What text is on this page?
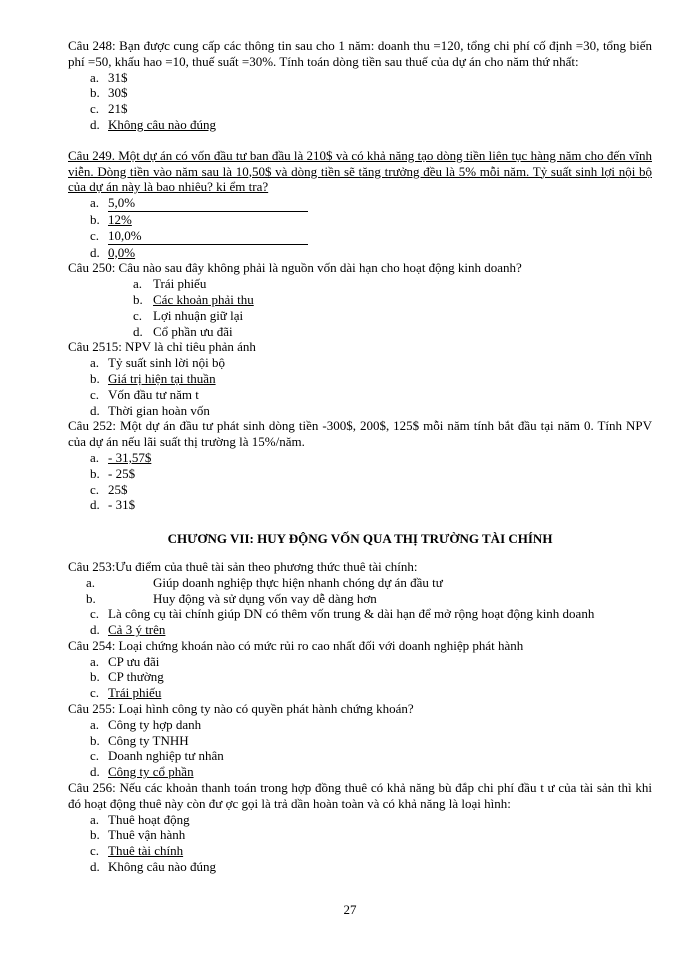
Câu 248: Bạn được cung cấp các thông tin sau cho 1 năm: doanh thu =120, tổng chi phí cố định =30, tổng biến phí =50, khấu hao =10, thuế suất =30%. Tính toán dòng tiền sau thuế của dự án cho năm thứ nhất:

a. 31$
b. 30$
c. 21$
d. Không câu nào đúng

Câu 249. Một dự án có vốn đầu tư ban đầu là 210$ và có khả năng tạo dòng tiền liên tục hàng năm cho đến vĩnh viễn. Dòng tiền vào năm sau là 10,50$ và dòng tiền sẽ tăng trưởng đều là 5% mỗi năm. Tỷ suất sinh lợi nội bộ của dự án này là bao nhiêu? ki ểm tra?

a. 5,0%
b. 12%
c. 10,0%
d. 0,0%

Câu 250: Câu nào sau đây không phải là nguồn vốn dài hạn cho hoạt động kinh doanh?

a. Trái phiếu
b. Các khoản phải thu
c. Lợi nhuận giữ lại
d. Cổ phần ưu đãi

Câu 2515: NPV là chỉ tiêu phản ánh

a. Tỷ suất sinh lời nội bộ
b. Giá trị hiện tại thuần
c. Vốn đầu tư năm t
d. Thời gian hoàn vốn

Câu 252: Một dự án đầu tư phát sinh dòng tiền -300$, 200$, 125$ mỗi năm tính bắt đầu tại năm 0. Tính NPV của dự án nếu lãi suất thị trường là 15%/năm.

a. - 31,57$
b. - 25$
c. 25$
d. - 31$
CHƯƠNG VII: HUY ĐỘNG VỐN QUA THỊ TRƯỜNG TÀI CHÍNH

Câu 253:Ưu điểm của thuê tài sản theo phương thức thuê tài chính:

a.	Giúp doanh nghiệp thực hiện nhanh chóng dự án đầu tư
b.	Huy động và sử dụng vốn vay dễ dàng hơn
c. Là công cụ tài chính giúp DN có thêm vốn trung & dài hạn để mở rộng hoạt động kinh doanh
d. Cả 3 ý trên

Câu 254: Loại chứng khoán nào có mức rủi ro cao nhất đối với doanh nghiệp phát hành

a. CP ưu đãi
b. CP thường
c. Trái phiếu

Câu 255: Loại hình công ty nào có quyền phát hành chứng khoán?

a. Công ty hợp danh
b. Công ty TNHH
c. Doanh nghiệp tư nhân
d. Công ty cổ phần

Câu 256: Nếu các khoản thanh toán trong hợp đồng thuê có khả năng bù đắp chi phí đầu t ư của tài sản thì khi đó hoạt động thuê này còn đư ợc gọi là trả dần hoàn toàn và có khả năng là loại hình:

a. Thuê hoạt động
b. Thuê vận hành
c. Thuê tài chính
d. Không câu nào đúng
27
